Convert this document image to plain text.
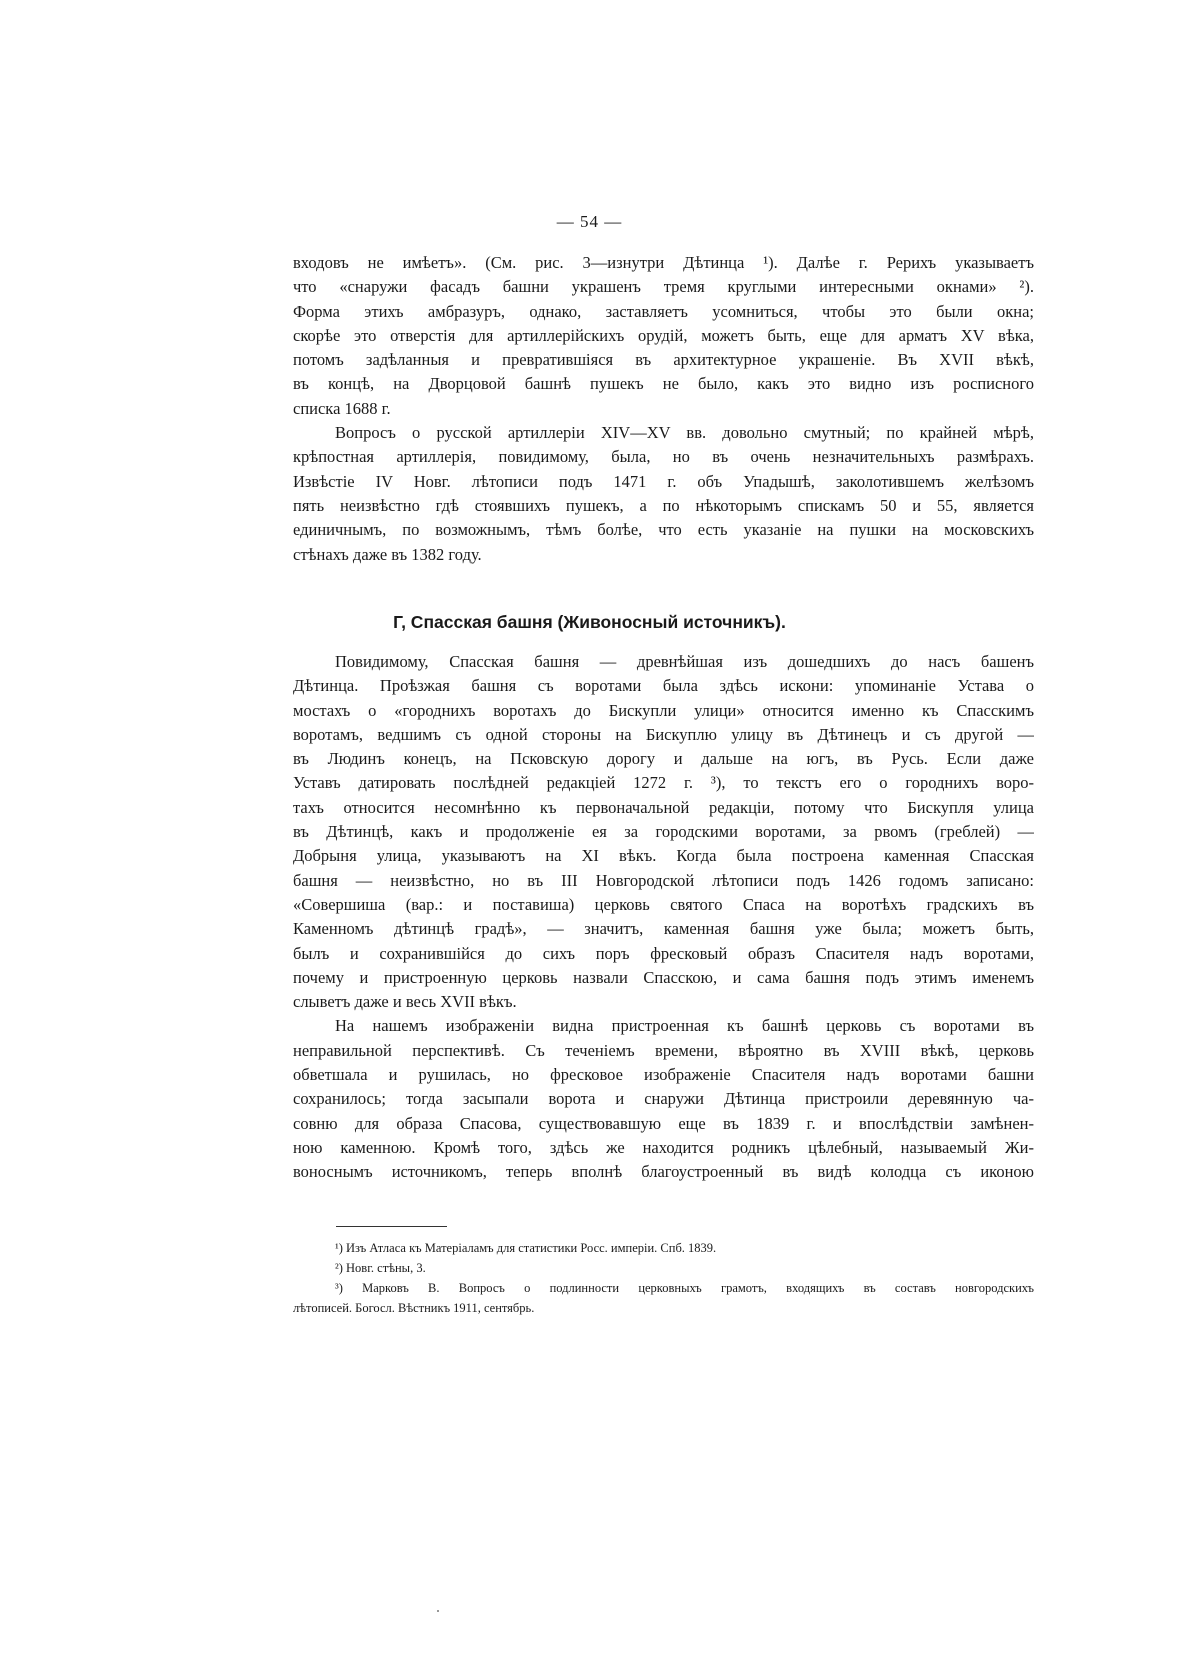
— 54 —
входовъ не имѣетъ». (См. рис. 3—изнутри Дѣтинца ¹). Далѣе г. Рерихъ указываетъ
что «снаружи фасадъ башни украшенъ тремя круглыми интересными окнами» ²).
Форма этихъ амбразуръ, однако, заставляетъ усомниться, чтобы это были окна;
скорѣе это отверстія для артиллерійскихъ орудій, можетъ быть, еще для арматъ XV вѣка,
потомъ задѣланныя и превратившіяся въ архитектурное украшеніе. Въ XVII вѣкѣ,
въ концѣ, на Дворцовой башнѣ пушекъ не было, какъ это видно изъ росписного
списка 1688 г.
Вопросъ о русской артиллеріи XIV—XV вв. довольно смутный; по крайней мѣрѣ,
крѣпостная артиллерія, повидимому, была, но въ очень незначительныхъ размѣрахъ.
Извѣстіе IV Новг. лѣтописи подъ 1471 г. объ Упадышѣ, заколотившемъ желѣзомъ
пять неизвѣстно гдѣ стоявшихъ пушекъ, а по нѣкоторымъ спискамъ 50 и 55, является
единичнымъ, по возможнымъ, тѣмъ болѣе, что есть указаніе на пушки на московскихъ
стѣнахъ даже въ 1382 году.
Г, Спасская башня (Живоносный источникъ).
Повидимому, Спасская башня — древнѣйшая изъ дошедшихъ до насъ башенъ
Дѣтинца. Проѣзжая башня съ воротами была здѣсь искони: упоминаніе Устава о
мостахъ о «городнихъ воротахъ до Бискупли улици» относится именно къ Спасскимъ
воротамъ, ведшимъ съ одной стороны на Бискуплю улицу въ Дѣтинецъ и съ другой —
въ Людинъ конецъ, на Псковскую дорогу и дальше на югъ, въ Русь. Если даже
Уставъ датировать послѣдней редакціей 1272 г. ³), то текстъ его о городнихъ воро-
тахъ относится несомнѣнно къ первоначальной редакціи, потому что Бискупля улица
въ Дѣтинцѣ, какъ и продолженіе ея за городскими воротами, за рвомъ (греблей) —
Добрыня улица, указываютъ на XI вѣкъ. Когда была построена каменная Спасская
башня — неизвѣстно, но въ III Новгородской лѣтописи подъ 1426 годомъ записано:
«Совершиша (вар.: и поставиша) церковь святого Спаса на воротѣхъ градскихъ въ
Каменномъ дѣтинцѣ градѣ», — значитъ, каменная башня уже была; можетъ быть,
былъ и сохранившійся до сихъ поръ фресковый образъ Спасителя надъ воротами,
почему и пристроенную церковь назвали Спасскою, и сама башня подъ этимъ именемъ
слыветъ даже и весь XVII вѣкъ.
На нашемъ изображеніи видна пристроенная къ башнѣ церковь съ воротами въ
неправильной перспективѣ. Съ теченіемъ времени, вѣроятно въ XVIII вѣкѣ, церковь
обветшала и рушилась, но фресковое изображеніе Спасителя надъ воротами башни
сохранилось; тогда засыпали ворота и снаружи Дѣтинца пристроили деревянную ча-
совню для образа Спасова, существовавшую еще въ 1839 г. и впослѣдствіи замѣнен-
ною каменною. Кромѣ того, здѣсь же находится родникъ цѣлебный, называемый Жи-
воноснымъ источникомъ, теперь вполнѣ благоустроенный въ видѣ колодца съ иконою
¹) Изъ Атласа къ Матеріаламъ для статистики Росс. имперіи. Спб. 1839.
²) Новг. стѣны, 3.
³) Марковъ В. Вопросъ о подлинности церковныхъ грамотъ, входящихъ въ составъ новгородскихъ
лѣтописей. Богосл. Вѣстникъ 1911, сентябрь.
